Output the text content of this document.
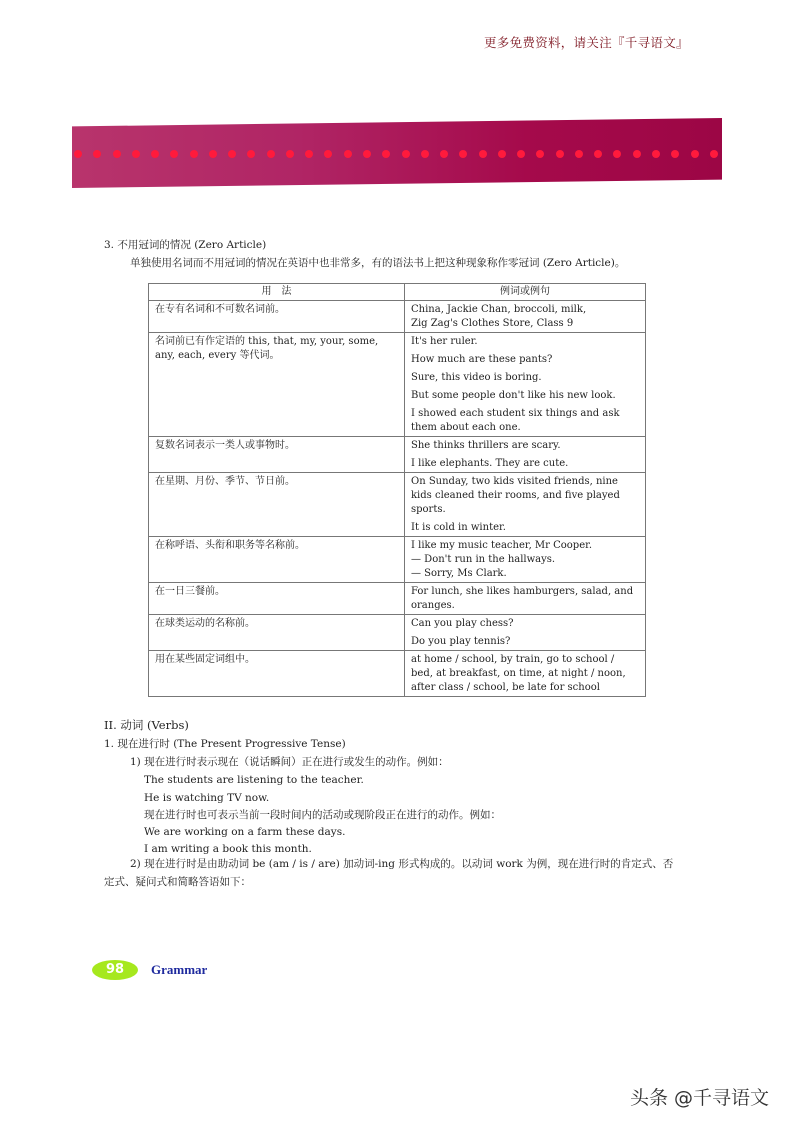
更多免费资料，请关注『千寻语文』
3. 不用冠词的情况 (Zero Article)
单独使用名词而不用冠词的情况在英语中也非常多，有的语法书上把这种现象称作零冠词 (Zero Article)。
用　法	例词或例句
在专有名词和不可数名词前。	China, Jackie Chan, broccoli, milk,
Zig Zag's Clothes Store, Class 9

名词前已有作定语的 this, that, my, your, some, any, each, every 等代词。	It's her ruler.
How much are these pants?
Sure, this video is boring.
But some people don't like his new look.
I showed each student six things and ask them about each one.

复数名词表示一类人或事物时。	She thinks thrillers are scary.
I like elephants. They are cute.

在星期、月份、季节、节日前。	On Sunday, two kids visited friends, nine kids cleaned their rooms, and five played sports.
It is cold in winter.

在称呼语、头衔和职务等名称前。	I like my music teacher, Mr Cooper.
— Don't run in the hallways.
— Sorry, Ms Clark.

在一日三餐前。	For lunch, she likes hamburgers, salad, and oranges.

在球类运动的名称前。	Can you play chess?
Do you play tennis?

用在某些固定词组中。	at home / school, by train, go to school / bed, at breakfast, on time, at night / noon, after class / school, be late for school
II. 动词 (Verbs)
1. 现在进行时 (The Present Progressive Tense)
1) 现在进行时表示现在（说话瞬间）正在进行或发生的动作。例如：
The students are listening to the teacher.
He is watching TV now.
现在进行时也可表示当前一段时间内的活动或现阶段正在进行的动作。例如：
We are working on a farm these days.
I am writing a book this month.
2) 现在进行时是由助动词 be (am / is / are) 加动词-ing 形式构成的。以动词 work 为例，现在进行时的肯定式、否
定式、疑问式和简略答语如下：
98	Grammar
头条 @千寻语文
